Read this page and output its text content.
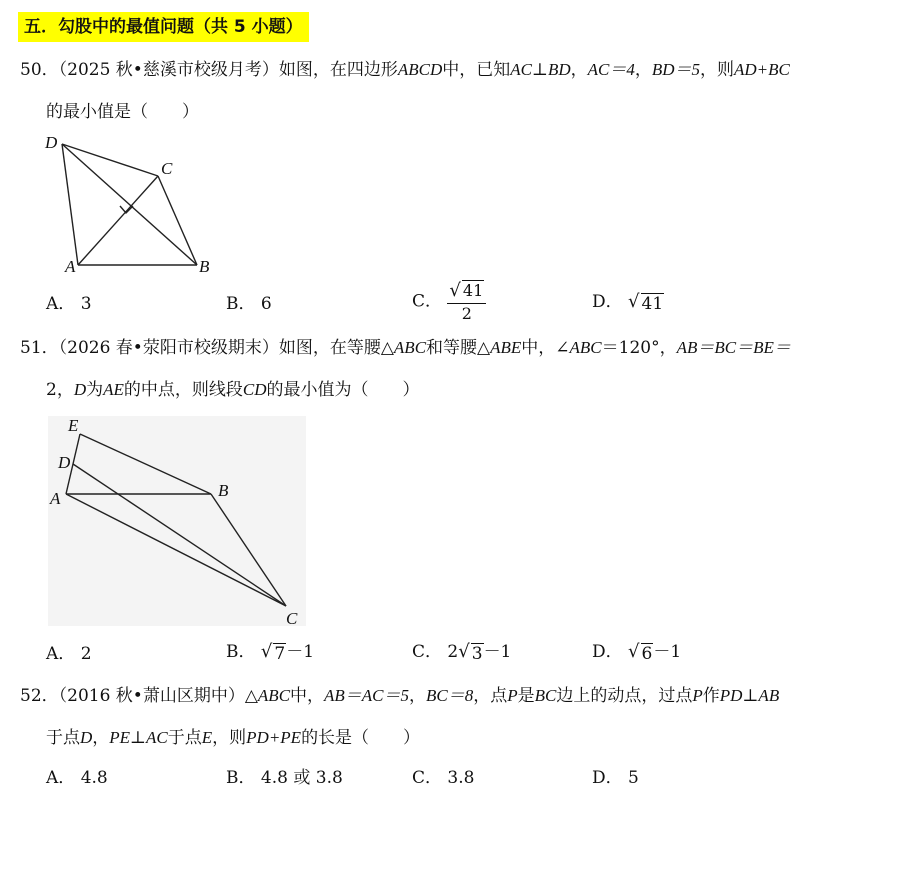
五．勾股中的最值问题（共 5 小题）
50．（2025 秋•慈溪市校级月考）如图，在四边形ABCD中，已知AC⊥BD，AC＝4，BD＝5，则AD+BC
的最小值是（　　）
D
C
A	B
A． 3	B． 6	C． $\frac{√ 41}{2}$	D． √ 41
51．（2026 春•荥阳市校级期末）如图，在等腰△ABC和等腰△ABE中，∠ABC＝120°，AB＝BC＝BE＝
2，D为AE的中点，则线段CD的最小值为（　　）
E
D
A	B
C
A． 2	B． √ 7 －1	C． 2 √ 3 －1	D． √ 6 －1
52．（2016 秋•萧山区期中）△ABC中，AB＝AC＝5，BC＝8，点P是BC边上的动点，过点P作PD⊥AB
于点D，PE⊥AC于点E，则PD+PE的长是（　　）
A． 4.8	B． 4.8 或 3.8	C． 3.8	D． 5
